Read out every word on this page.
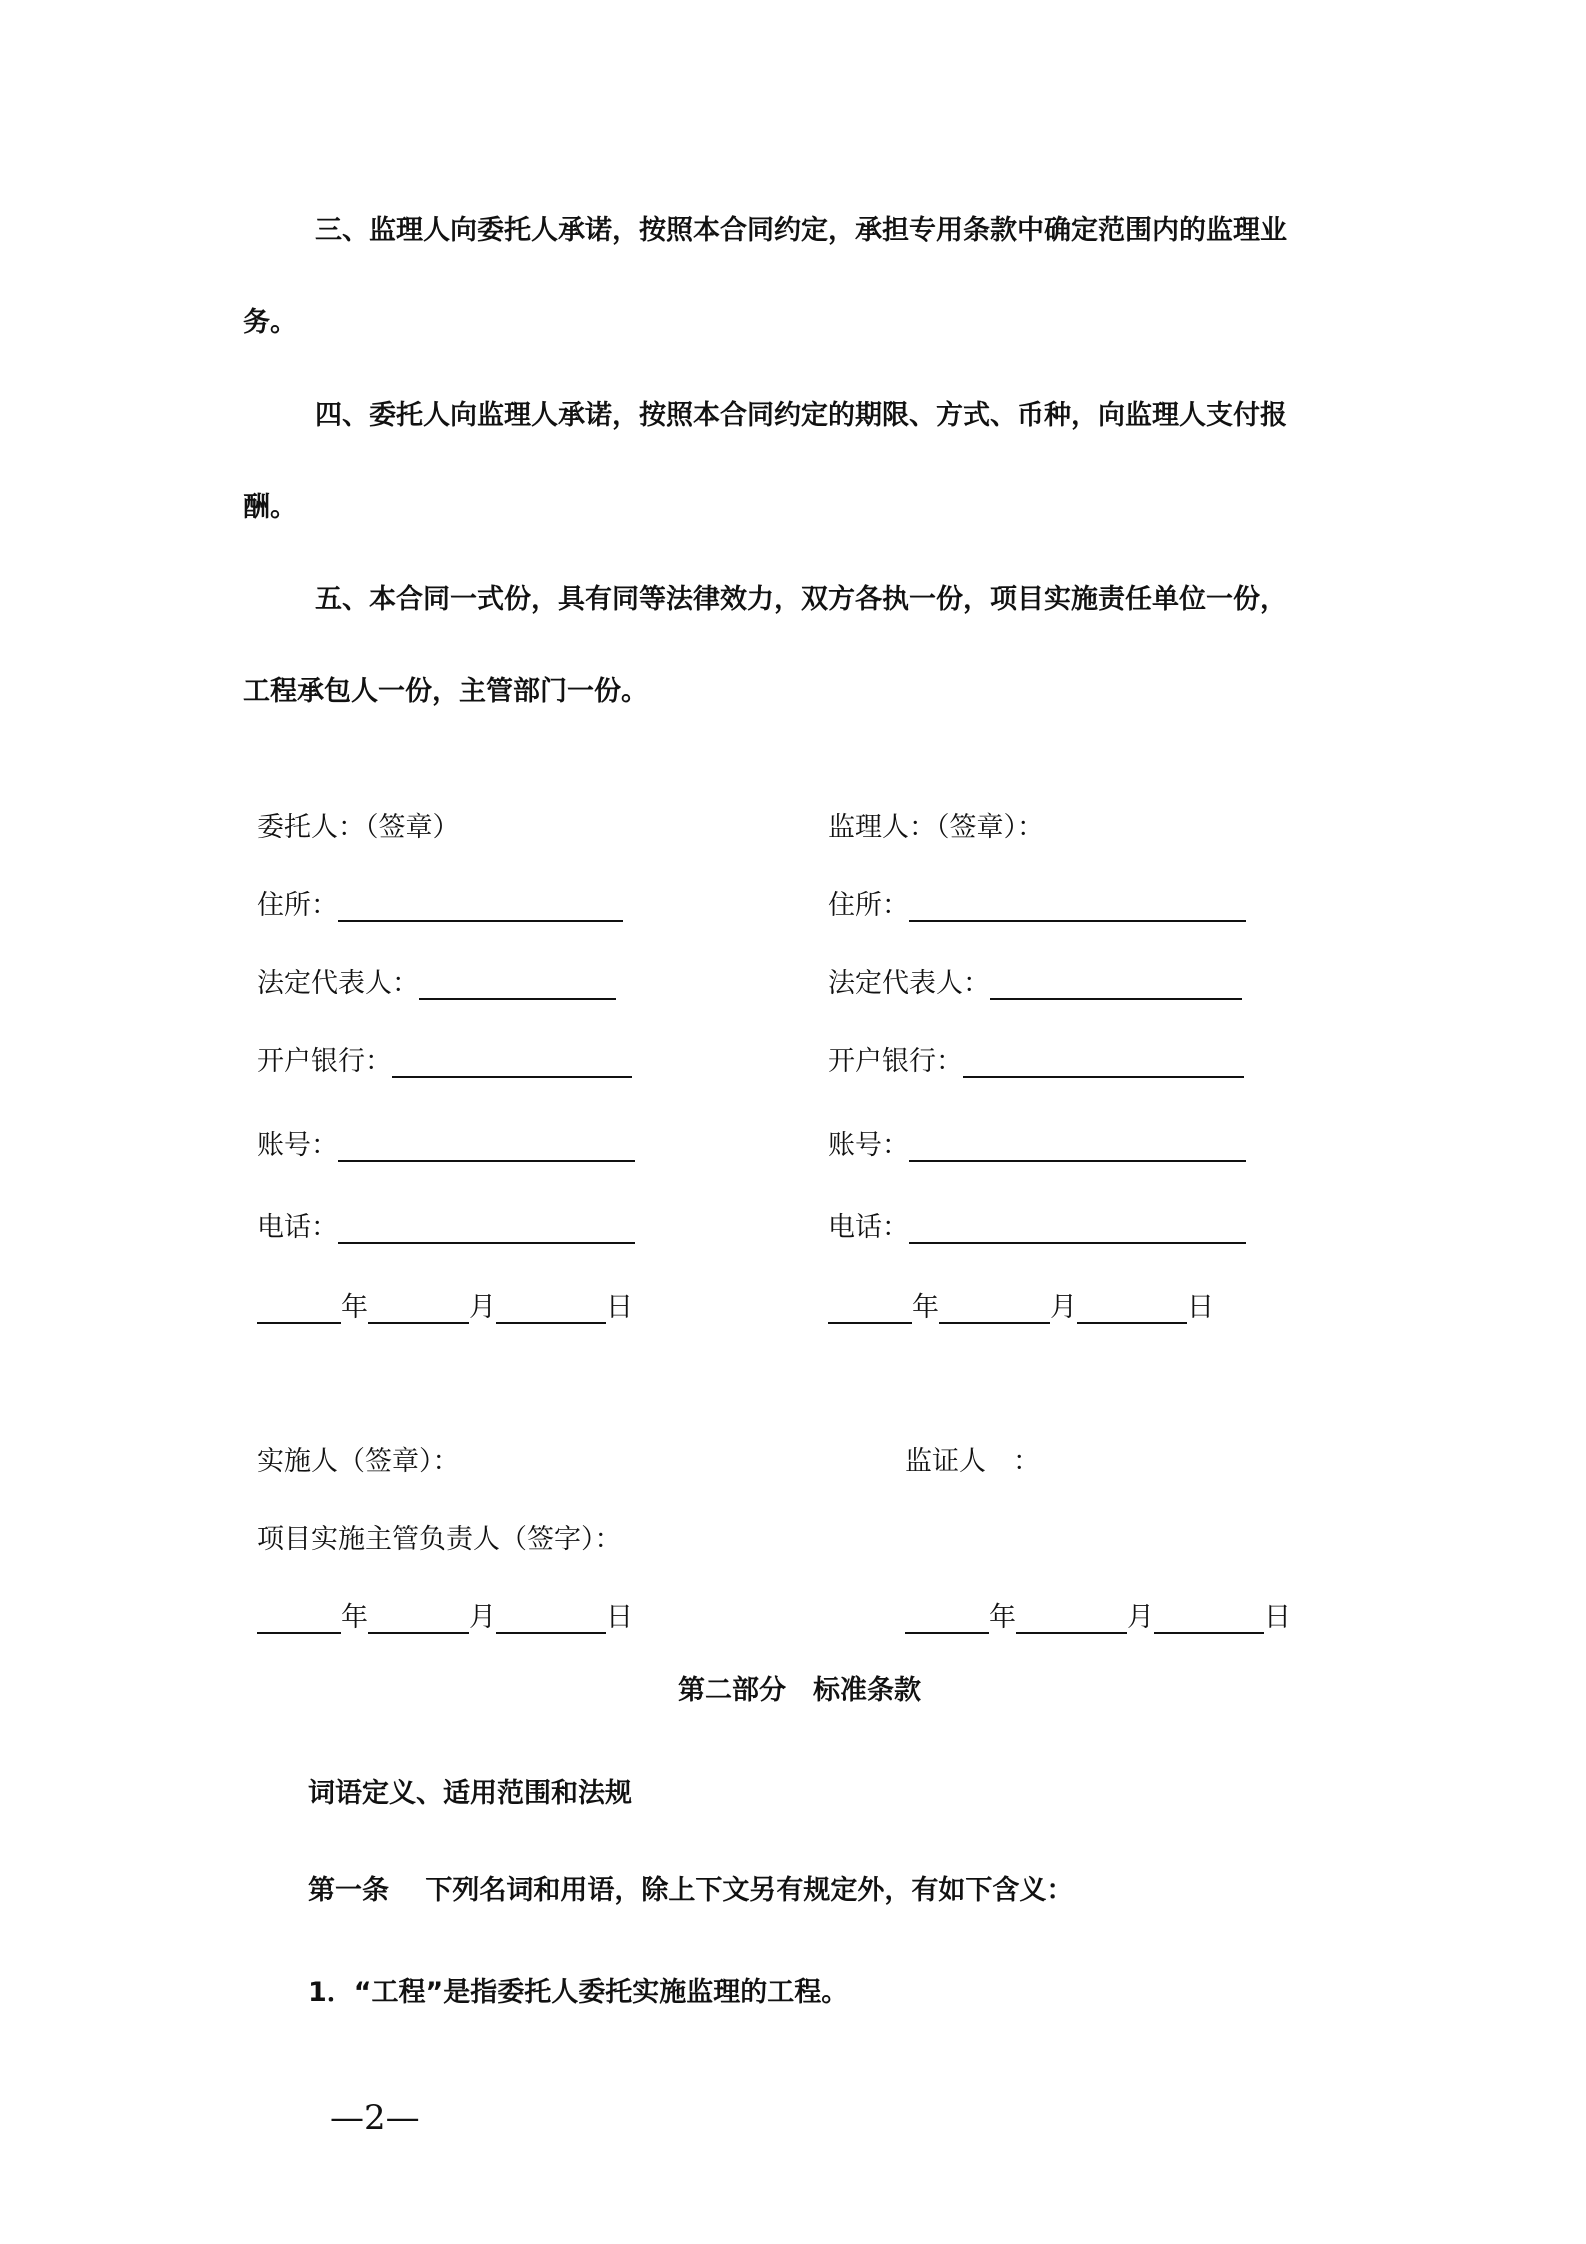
三、监理人向委托人承诺，按照本合同约定，承担专用条款中确定范围内的监理业
务。
四、委托人向监理人承诺，按照本合同约定的期限、方式、币种，向监理人支付报
酬。
五、本合同一式份，具有同等法律效力，双方各执一份，项目实施责任单位一份，
工程承包人一份，主管部门一份。
委托人：（签章）
住所：
法定代表人：
开户银行：
账号：
电话：
年	月	日
监理人：（签章）：
住所：
法定代表人：
开户银行：
账号：
电话：
年	月	日
实施人（签章）：
项目实施主管负责人（签字）：
年	月	日
监证人　：
年	月	日
第二部分　标准条款
词语定义、适用范围和法规
第一条　 下列名词和用语，除上下文另有规定外，有如下含义：
1．“工程”是指委托人委托实施监理的工程。
—2—
